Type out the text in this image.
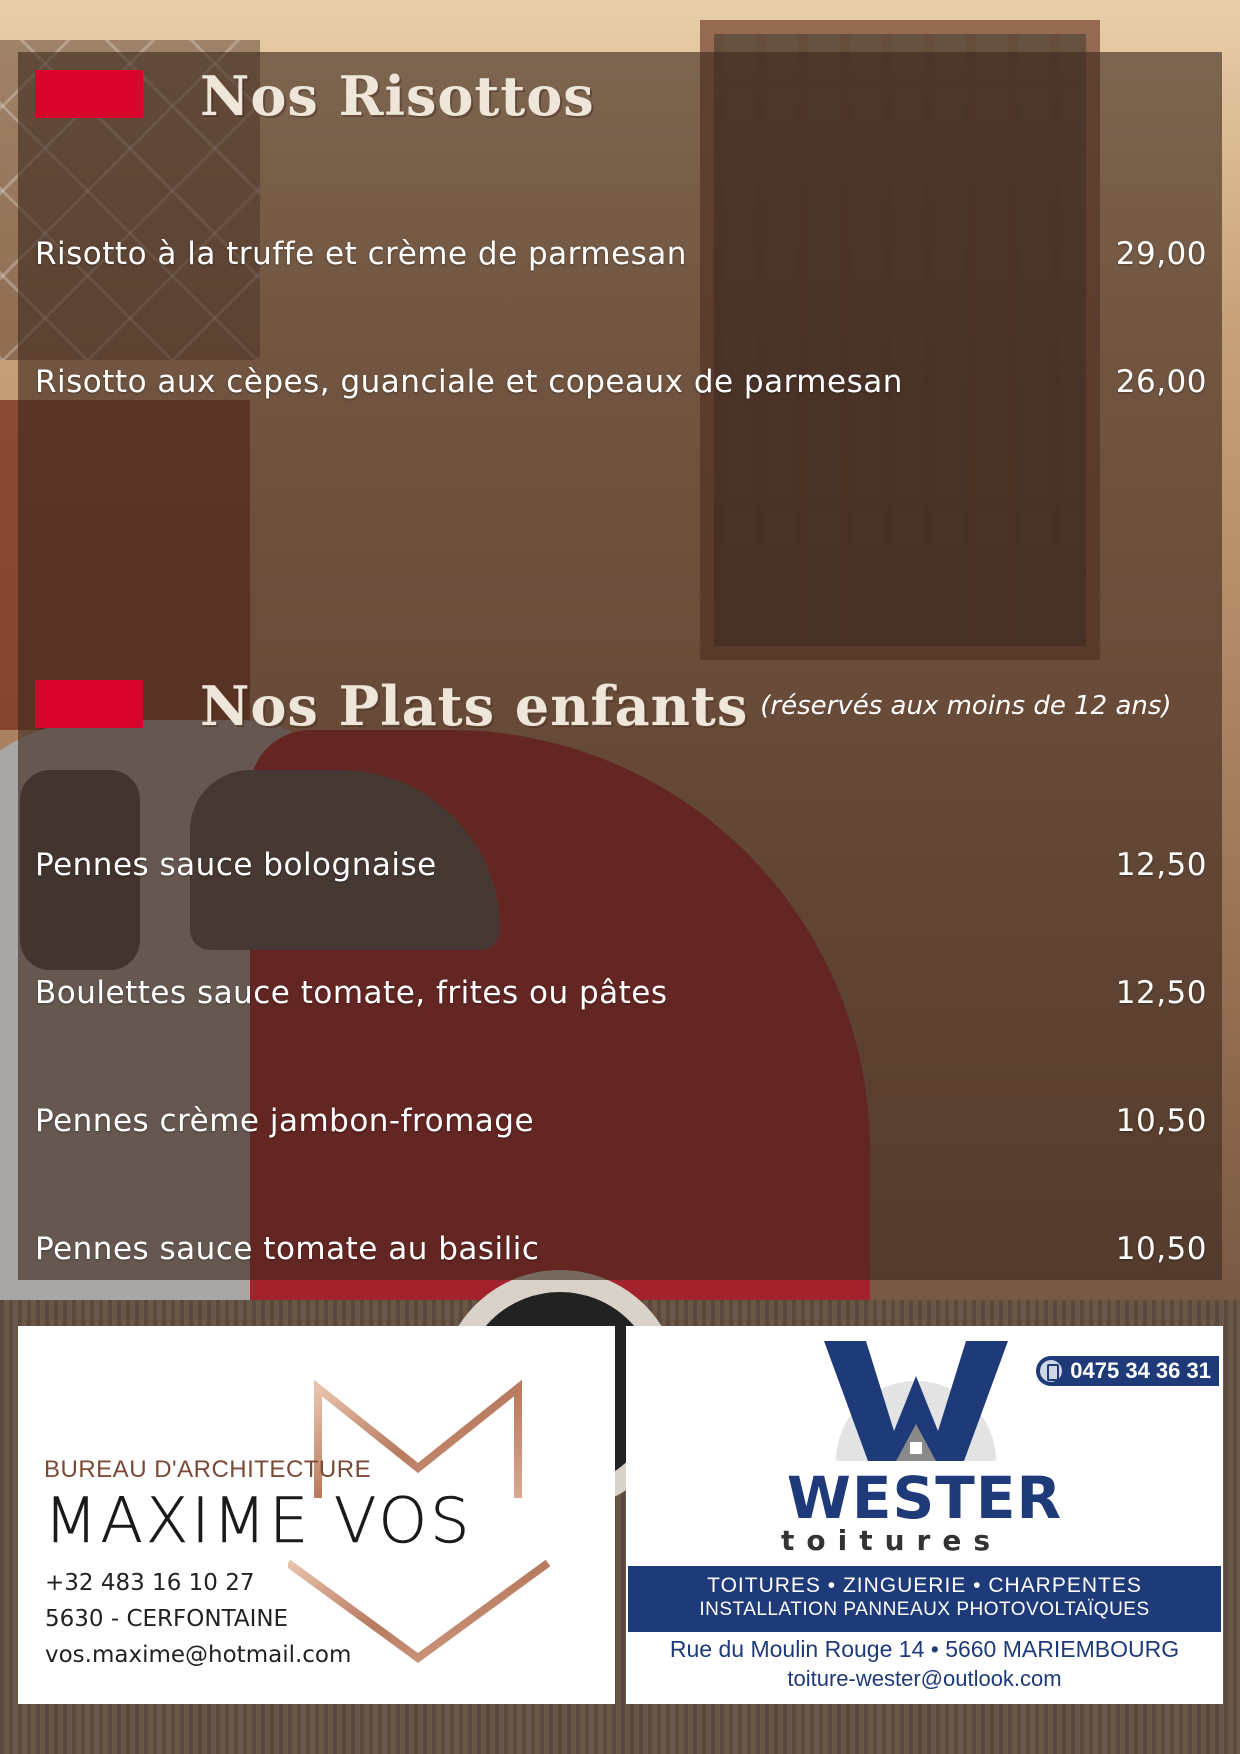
Nos Risottos
Risotto à la truffe et crème de parmesan	29,00
Risotto aux cèpes, guanciale et copeaux de parmesan	26,00
Nos Plats enfants (réservés aux moins de 12 ans)
Pennes sauce bolognaise	12,50
Boulettes sauce tomate, frites ou pâtes	12,50
Pennes crème jambon-fromage	10,50
Pennes sauce tomate au basilic	10,50
BUREAU D'ARCHITECTURE
MAXIME VOS
+32 483 16 10 27
5630 - CERFONTAINE
vos.maxime@hotmail.com
0475 34 36 31
WESTER
toitures
TOITURES • ZINGUERIE • CHARPENTES
INSTALLATION PANNEAUX PHOTOVOLTAÏQUES
Rue du Moulin Rouge 14 • 5660 MARIEMBOURG
toiture-wester@outlook.com
